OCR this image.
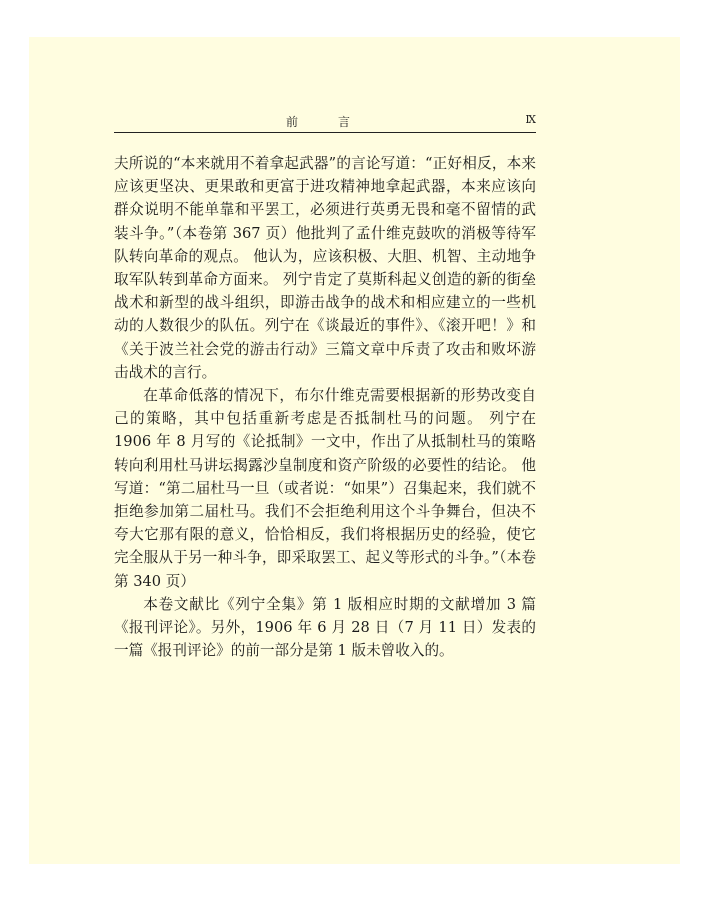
前　言	Ⅸ

夫所说的“本来就用不着拿起武器”的言论写道：“正好相反，本来应该更坚决、更果敢和更富于进攻精神地拿起武器，本来应该向群众说明不能单靠和平罢工，必须进行英勇无畏和毫不留情的武装斗争。”（本卷第 367 页）他批判了孟什维克鼓吹的消极等待军队转向革命的观点。 他认为，应该积极、大胆、机智、主动地争取军队转到革命方面来。 列宁肯定了莫斯科起义创造的新的街垒战术和新型的战斗组织，即游击战争的战术和相应建立的一些机动的人数很少的队伍。列宁在《谈最近的事件》、《滚开吧！》和《关于波兰社会党的游击行动》三篇文章中斥责了攻击和败坏游击战术的言行。

在革命低落的情况下，布尔什维克需要根据新的形势改变自己的策略，其中包括重新考虑是否抵制杜马的问题。 列宁在 1906 年 8 月写的《论抵制》一文中，作出了从抵制杜马的策略转向利用杜马讲坛揭露沙皇制度和资产阶级的必要性的结论。 他写道：“第二届杜马一旦（或者说：“如果”）召集起来，我们就不拒绝参加第二届杜马。我们不会拒绝利用这个斗争舞台，但决不夸大它那有限的意义，恰恰相反，我们将根据历史的经验，使它完全服从于另一种斗争，即采取罢工、起义等形式的斗争。”（本卷第 340 页）

本卷文献比《列宁全集》第 1 版相应时期的文献增加 3 篇《报刊评论》。另外，1906 年 6 月 28 日（7 月 11 日）发表的一篇《报刊评论》的前一部分是第 1 版未曾收入的。
